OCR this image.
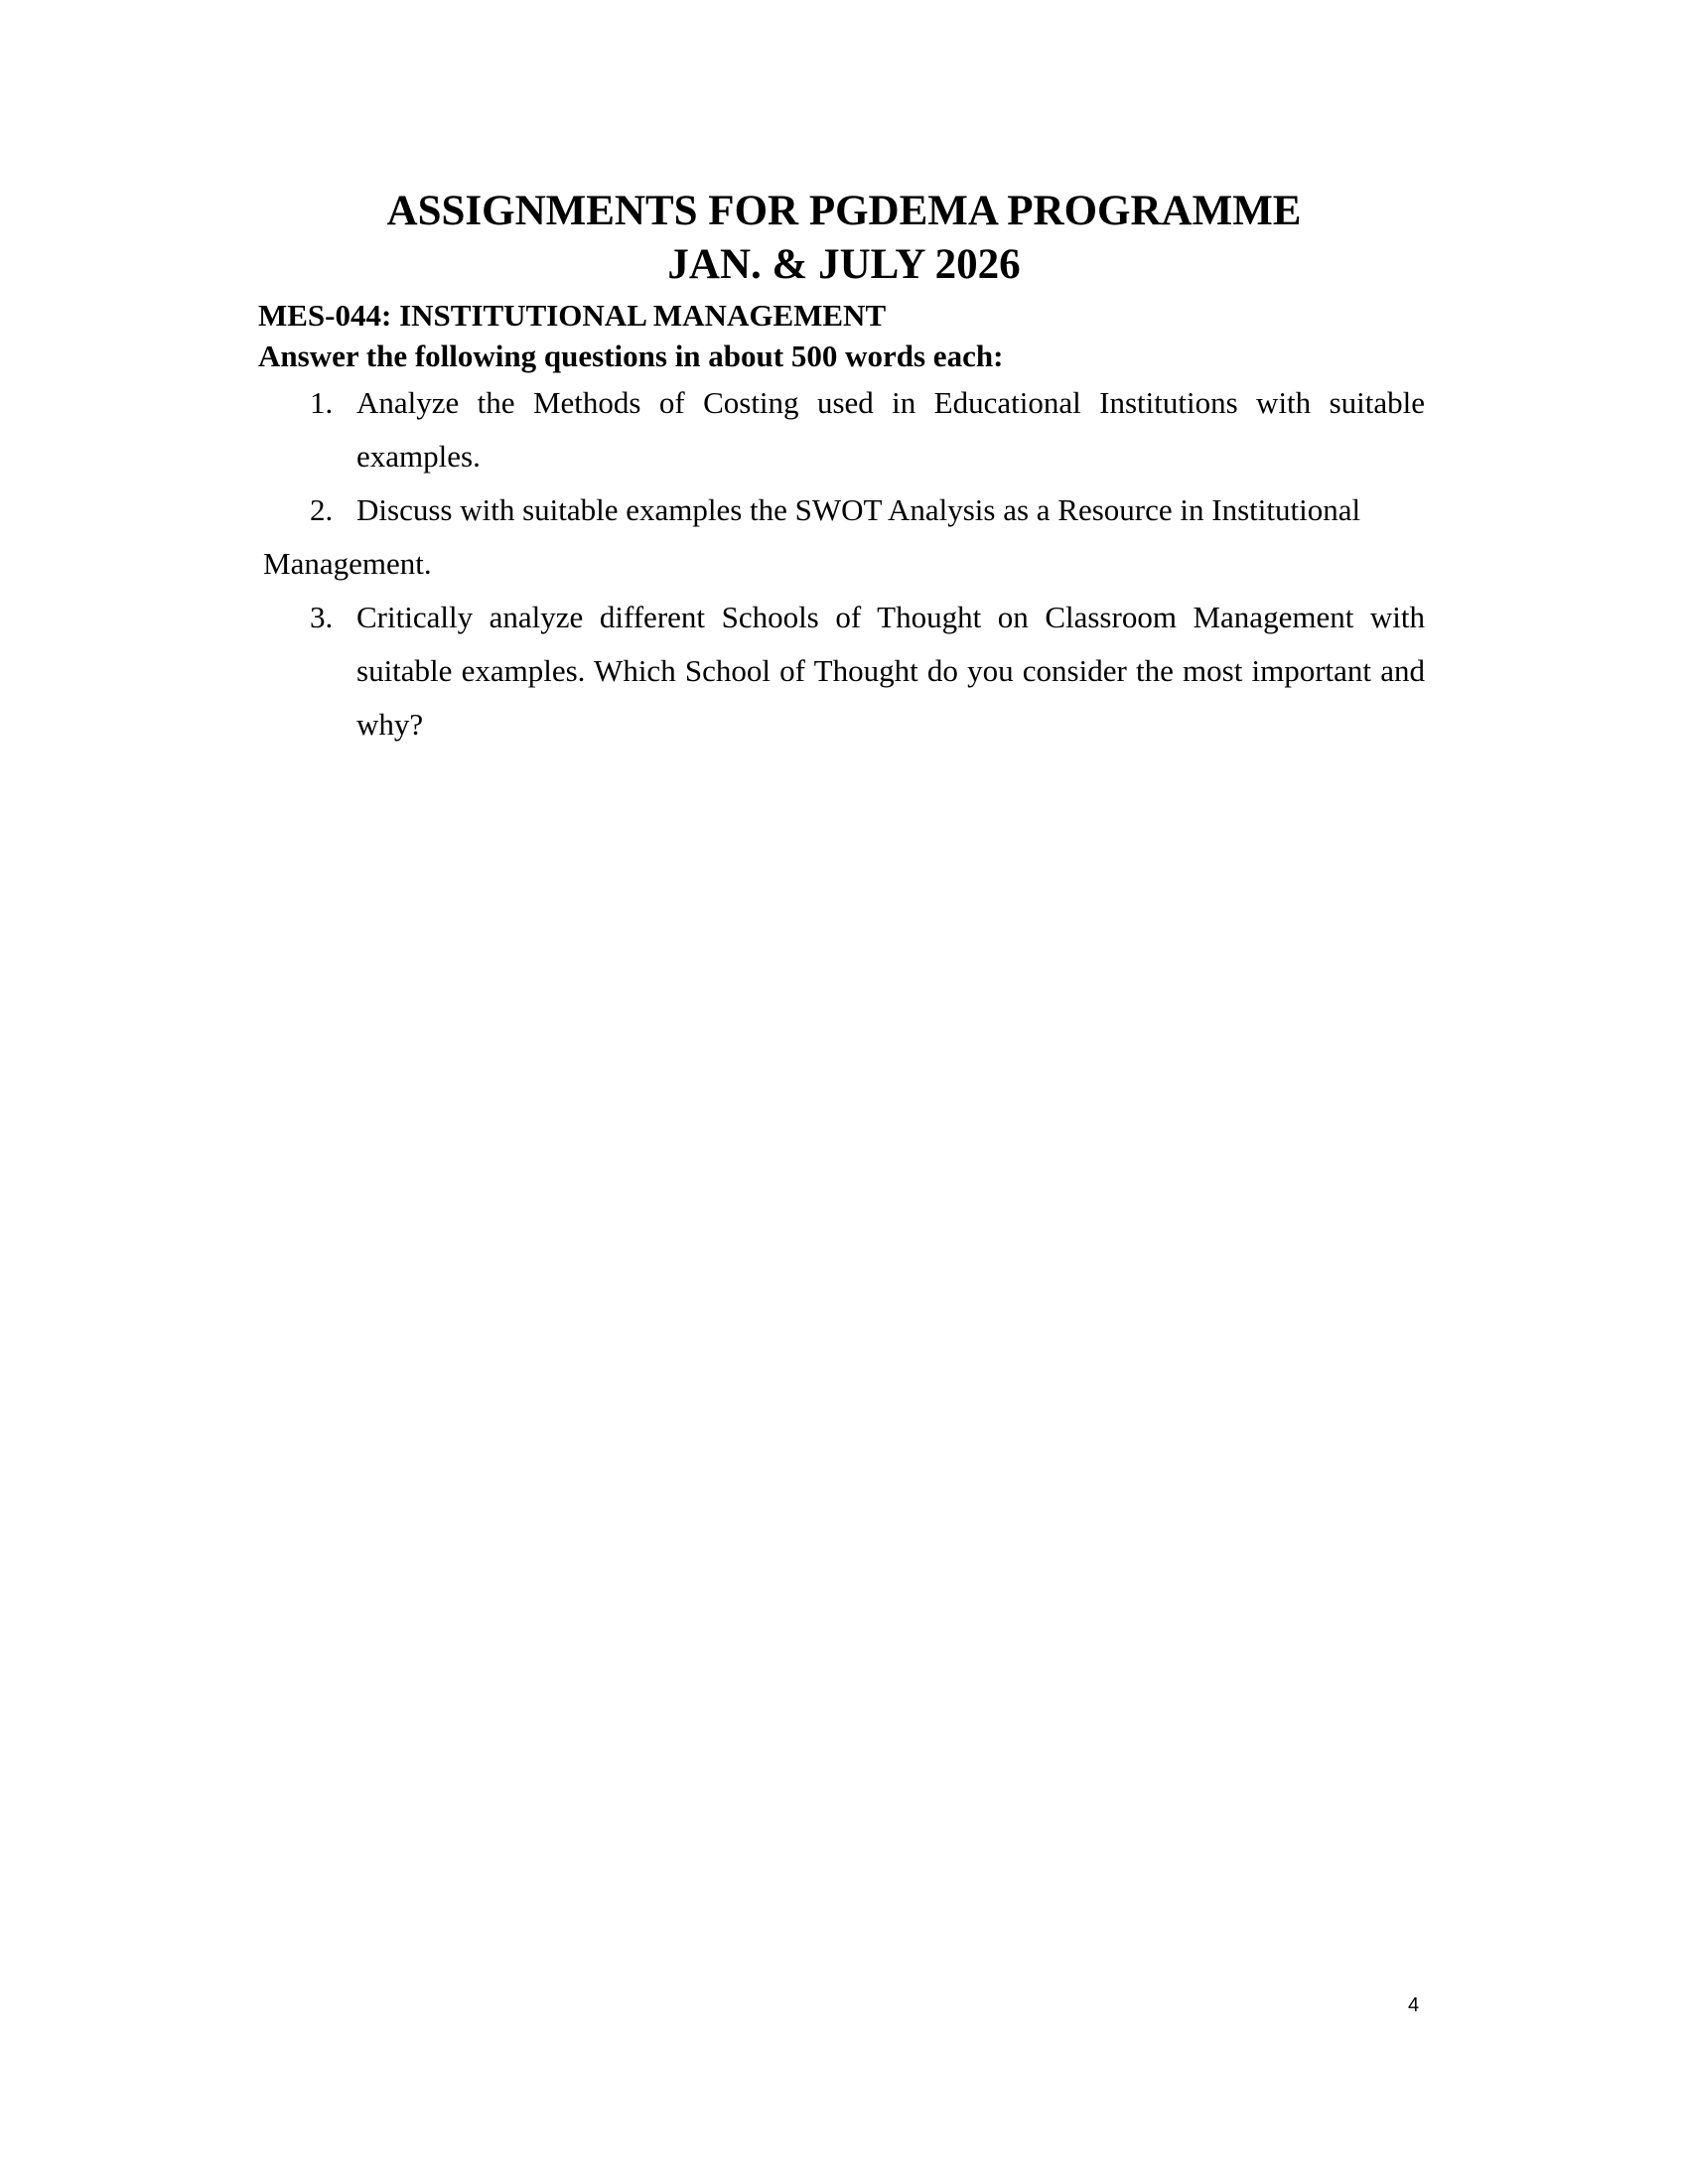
ASSIGNMENTS FOR PGDEMA PROGRAMME

JAN. & JULY 2026

MES-044: INSTITUTIONAL MANAGEMENT
Answer the following questions in about 500 words each:
1. Analyze the Methods of Costing used in Educational Institutions with suitable examples.
2. Discuss with suitable examples the SWOT Analysis as a Resource in Institutional Management.
3. Critically analyze different Schools of Thought on Classroom Management with suitable examples. Which School of Thought do you consider the most important and why?
4
